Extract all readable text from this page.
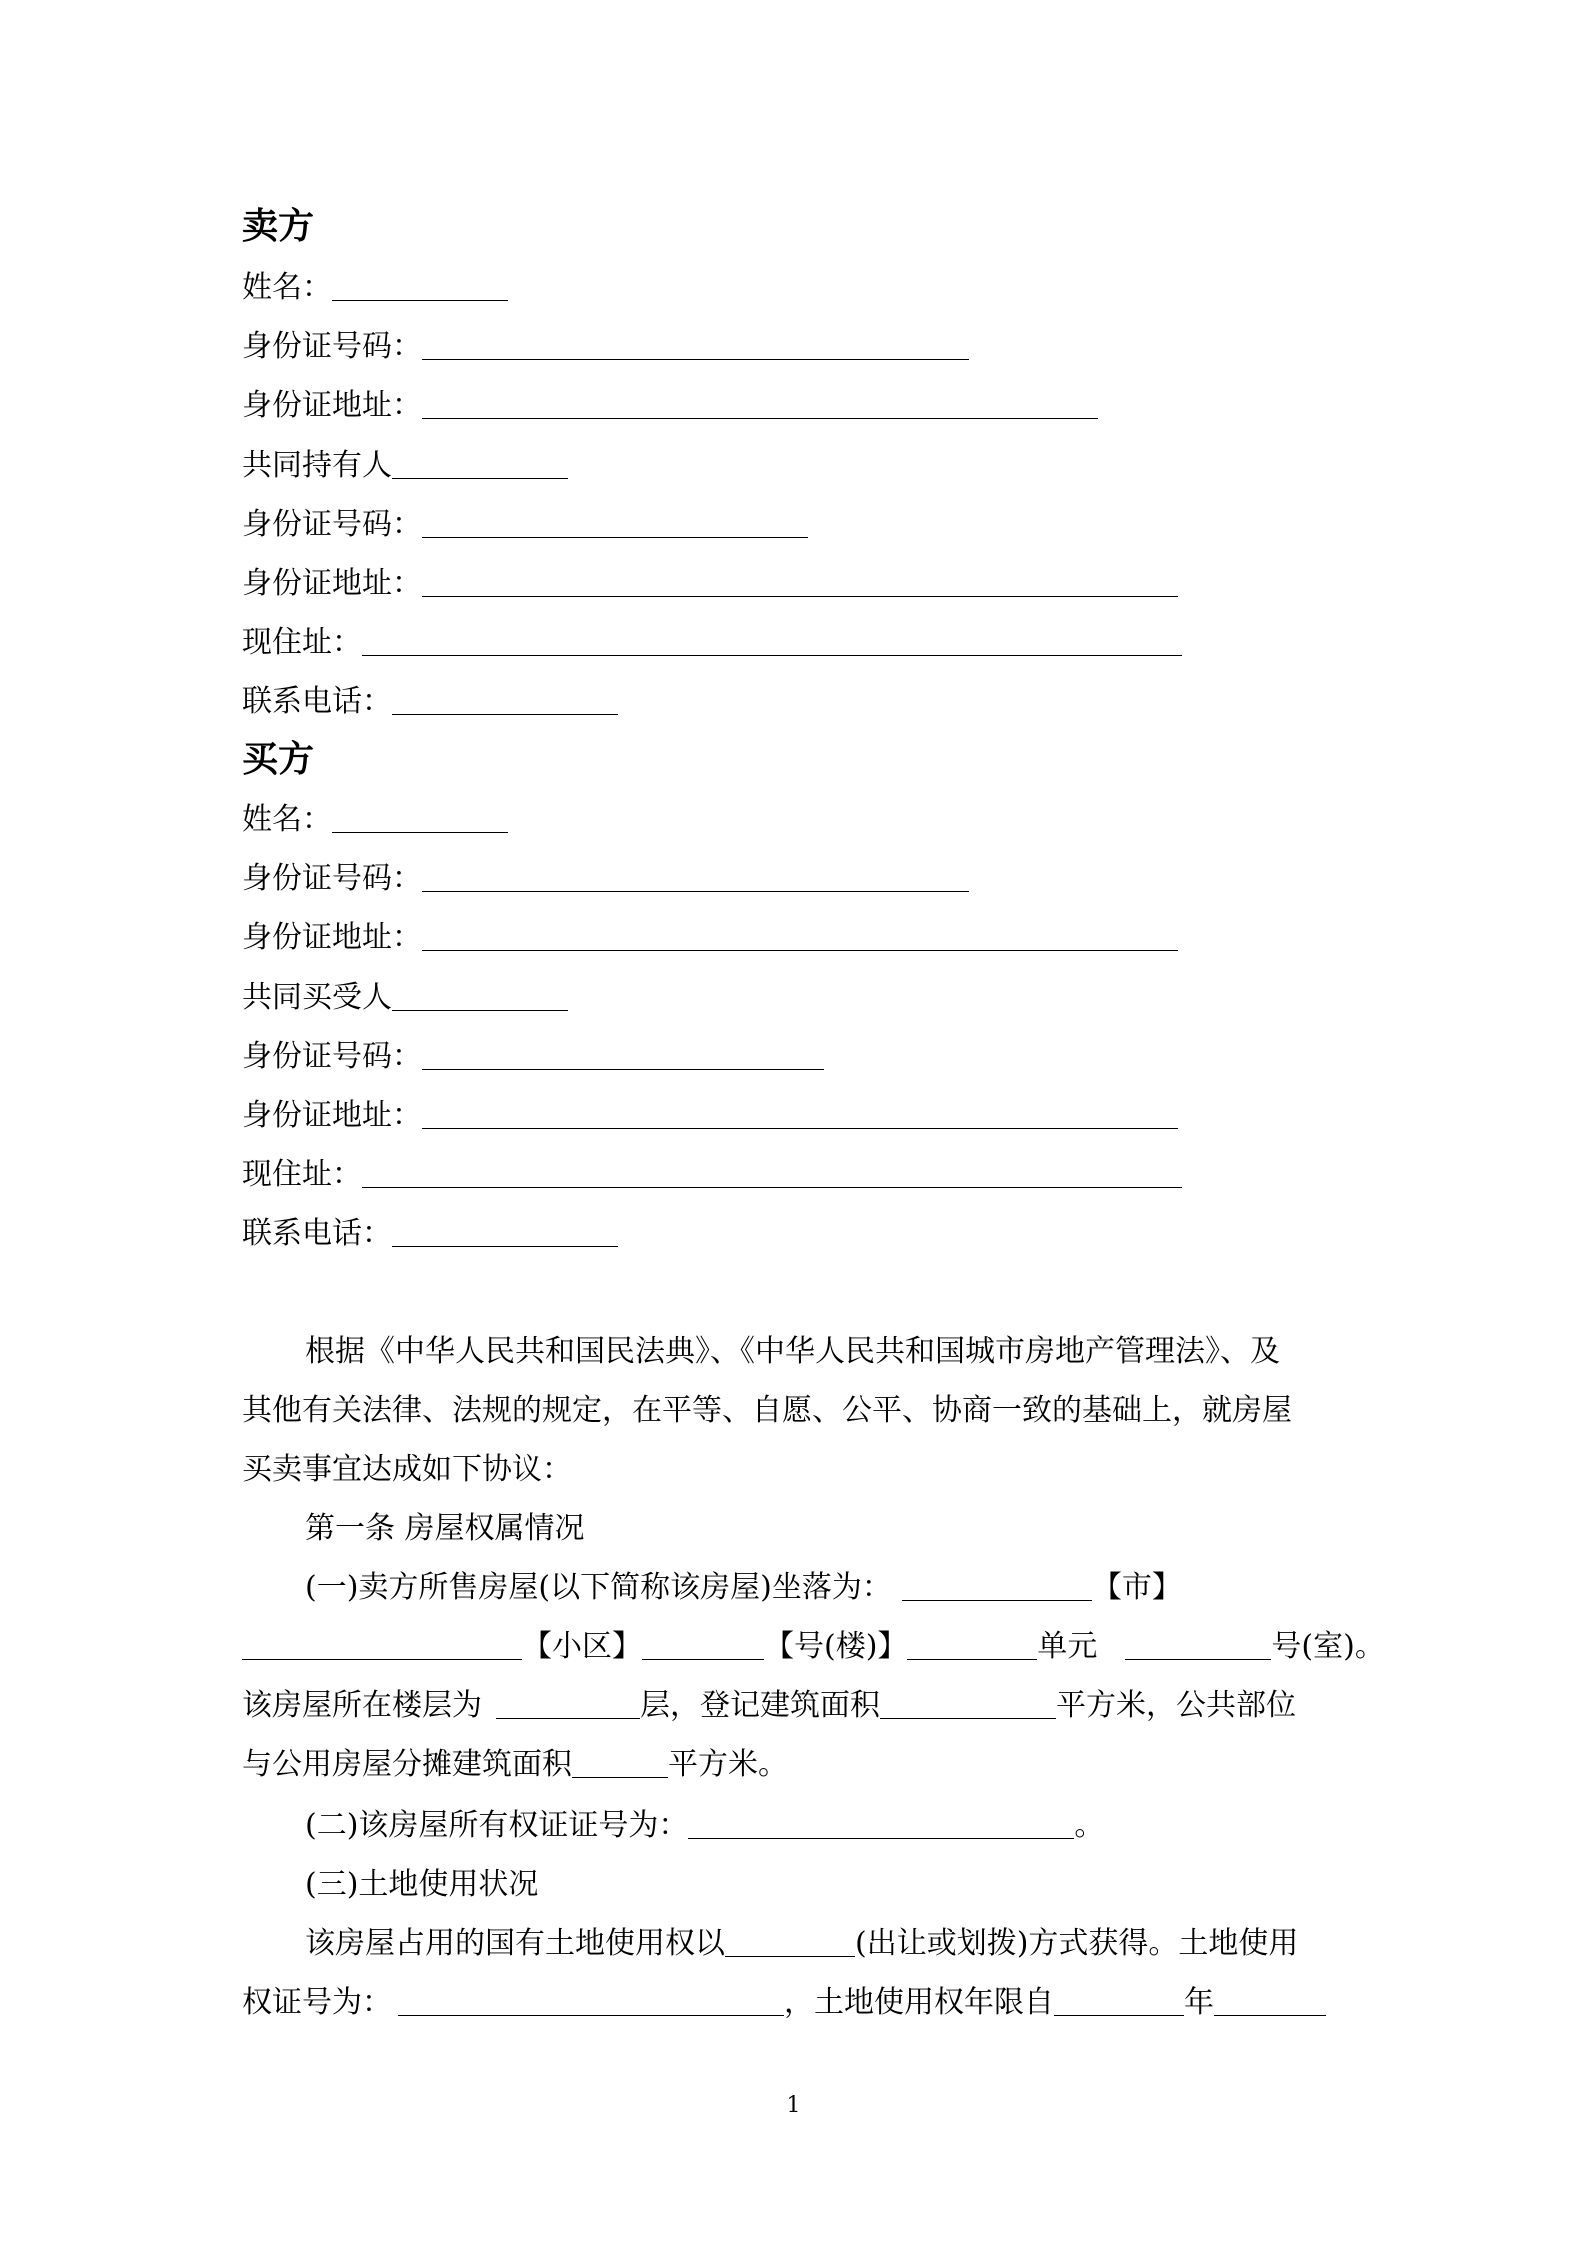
卖方
姓名：
身份证号码：
身份证地址：
共同持有人
身份证号码：
身份证地址：
现住址：
联系电话：
买方
姓名：
身份证号码：
身份证地址：
共同买受人
身份证号码：
身份证地址：
现住址：
联系电话：
根据《中华人民共和国民法典》、《中华人民共和国城市房地产管理法》、及
其他有关法律、法规的规定，在平等、自愿、公平、协商一致的基础上，就房屋
买卖事宜达成如下协议：
第一条 房屋权属情况
(一)卖方所售房屋(以下简称该房屋)坐落为：	【市】
【小区】	【号(楼)】	单元	号(室)。
该房屋所在楼层为	层，登记建筑面积	平方米，公共部位
与公用房屋分摊建筑面积	平方米。
(二)该房屋所有权证证号为：	。
(三)土地使用状况
该房屋占用的国有土地使用权以	(出让或划拨)方式获得。土地使用
权证号为：	，土地使用权年限自	年
1
